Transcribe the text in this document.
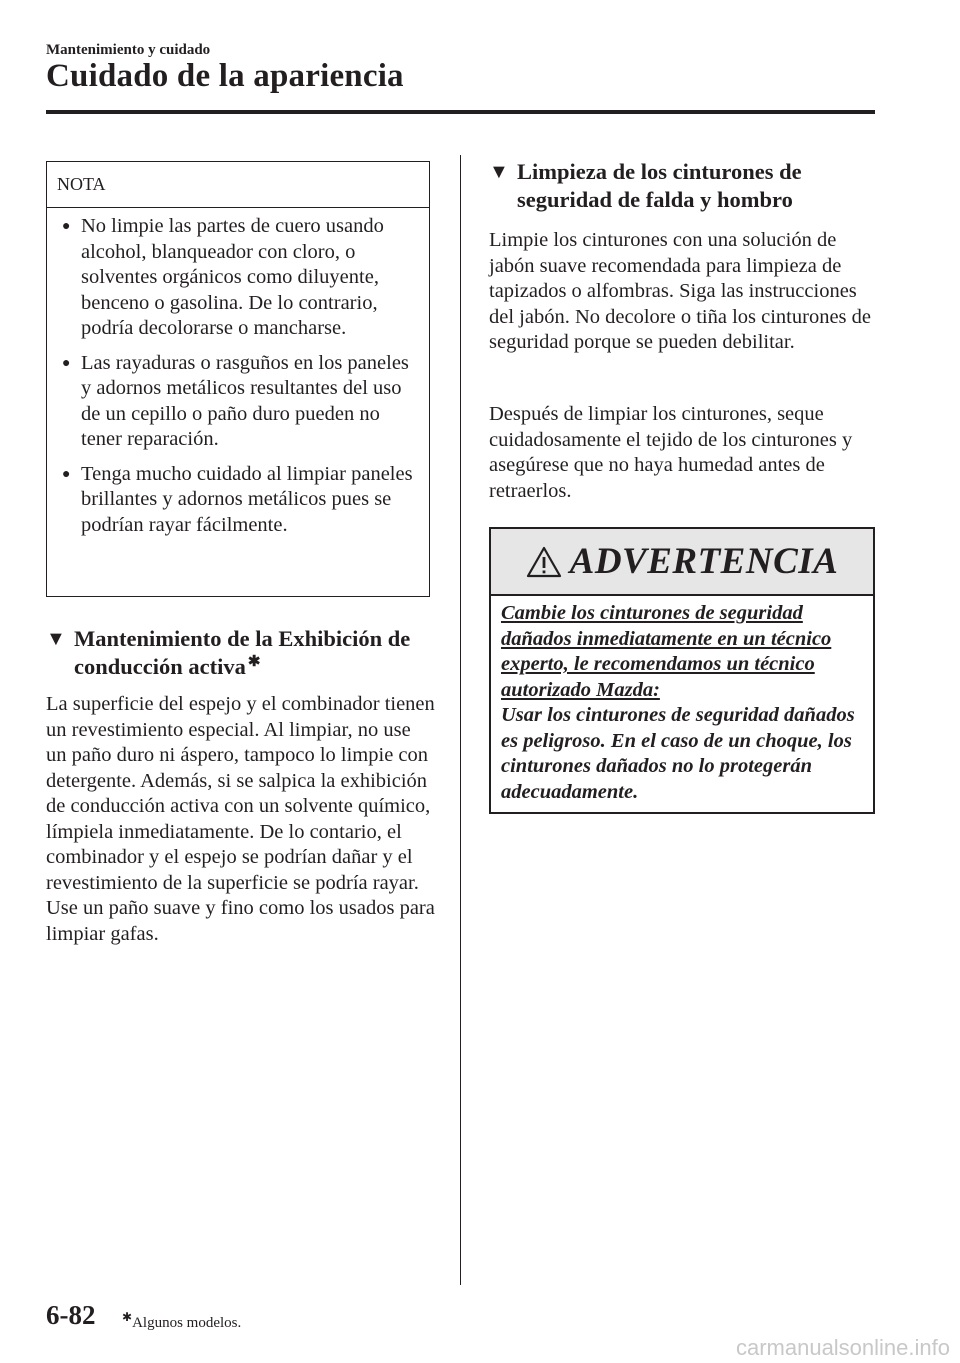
Mantenimiento y cuidado
Cuidado de la apariencia
NOTA
● No limpie las partes de cuero usando alcohol, blanqueador con cloro, o solventes orgánicos como diluyente, benceno o gasolina. De lo contrario, podría decolorarse o mancharse.
● Las rayaduras o rasguños en los paneles y adornos metálicos resultantes del uso de un cepillo o paño duro pueden no tener reparación.
● Tenga mucho cuidado al limpiar paneles brillantes y adornos metálicos pues se podrían rayar fácilmente.
▼ Mantenimiento de la Exhibición de conducción activa ✱

La superficie del espejo y el combinador tienen un revestimiento especial. Al limpiar, no use un paño duro ni áspero, tampoco lo limpie con detergente. Además, si se salpica la exhibición de conducción activa con un solvente químico, límpiela inmediatamente. De lo contario, el combinador y el espejo se podrían dañar y el revestimiento de la superficie se podría rayar. Use un paño suave y fino como los usados para limpiar gafas.

▼ Limpieza de los cinturones de seguridad de falda y hombro

Limpie los cinturones con una solución de jabón suave recomendada para limpieza de tapizados o alfombras. Siga las instrucciones del jabón. No decolore o tiña los cinturones de seguridad porque se pueden debilitar.

Después de limpiar los cinturones, seque cuidadosamente el tejido de los cinturones y asegúrese que no haya humedad antes de retraerlos.

ADVERTENCIA
Cambie los cinturones de seguridad dañados inmediatamente en un técnico experto, le recomendamos un técnico autorizado Mazda:
Usar los cinturones de seguridad dañados es peligroso. En el caso de un choque, los cinturones dañados no lo protegerán adecuadamente.
6-82 ✱Algunos modelos.
carmanualsonline.info
